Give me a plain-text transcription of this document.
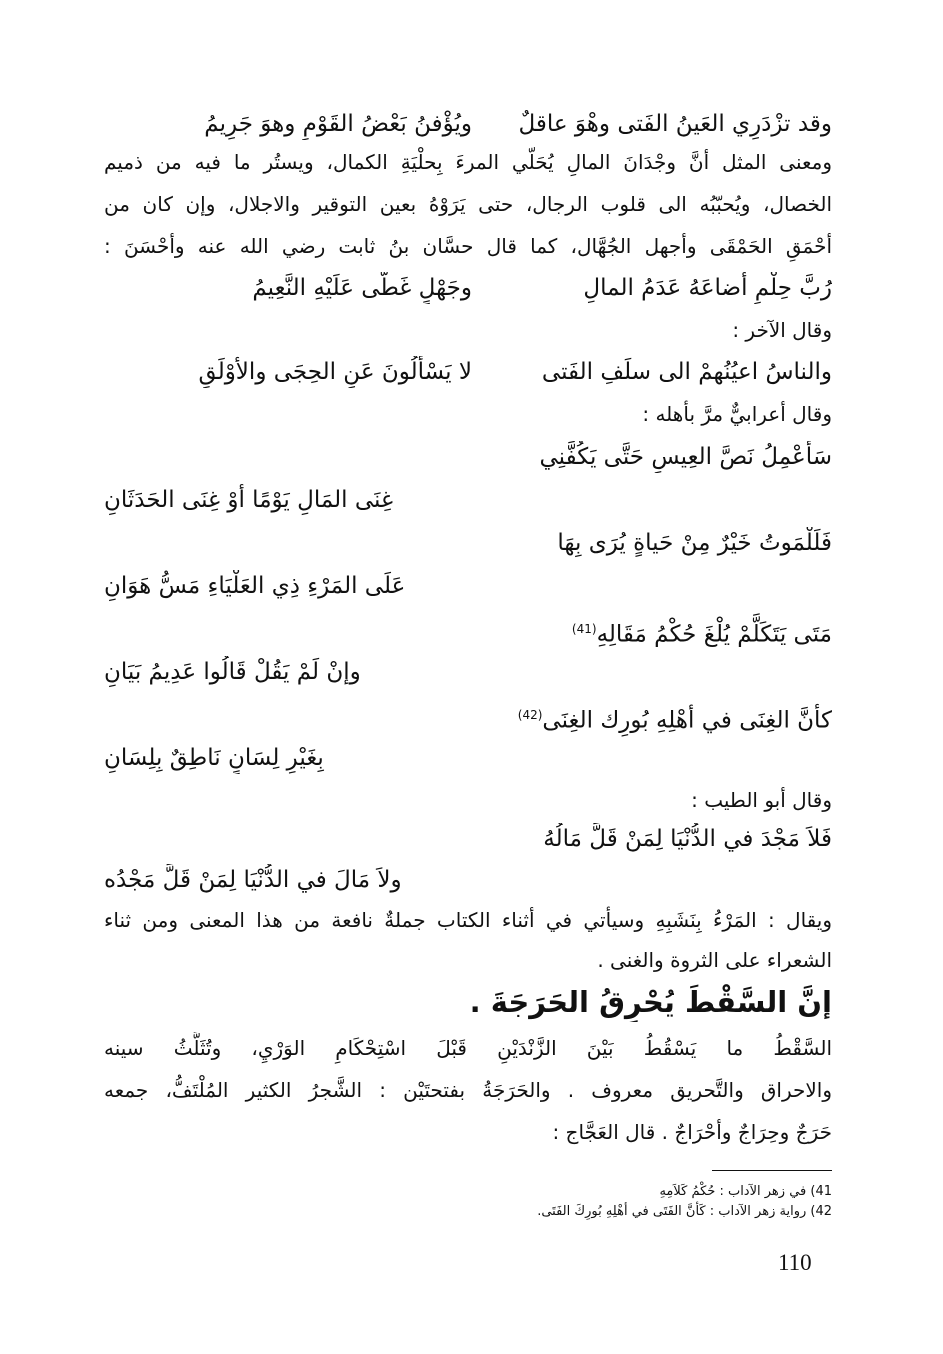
وقد تزْدَرِي العَينُ الفَتى وهْوَ عاقلٌويُؤْفنُ بَعْضُ القَوْمِ وهوَ جَرِيمُ
ومعنى المثل أنَّ وجْدَانَ المالِ يُحَلّي المرءَ بِحلْيَةِ الكمال، ويستُر ما فيه من ذميم
الخصال، ويُحبّبُه الى قلوب الرجال، حتى يَرَوْهُ بعين التوقير والاجلال، وإن كان من
أحْمَقِ الحَمْقَى وأجهل الجُهَّال، كما قال حسَّان بنُ ثابت رضي الله عنه وأحْسَنَ :
رُبَّ حِلْمٍ أضاعَهُ عَدَمُ المالِوجَهْلٍ غَطّى عَلَيْهِ النَّعِيمُ
وقال الآخر :
والناسُ اعيُنُهمْ الى سلَفِ الفَتىلا يَسْألُونَ عَنِ الحِجَى والأوْلَقِ
وقال أعرابيٌّ مرَّ بأهله :
سَأعْمِلُ نَصَّ العِيسِ حَتَّى يَكُفَّنِي
غِنَى المَالِ يَوْمًا أوْ غِنَى الحَدَثَانِ
فَلَلْمَوتُ خَيْرٌ مِنْ حَياةٍ يُرَى بِهَا
عَلَى المَرْءِ ذِي العَلْيَاءِ مَسُّ هَوَانِ
مَتَى يَتَكَلَّمْ يُلْغَ حُكْمُ مَقَالِهِ$^{(41)}$
وإنْ لَمْ يَقُلْ قَالُوا عَدِيمُ بَيَانِ
كأنَّ الغِنَى في أهْلِهِ بُورِك الغِنَى$^{(42)}$
بِغَيْرِ لِسَانٍ نَاطِقٌ بِلِسَانِ
وقال أبو الطيب :
فَلاَ مَجْدَ في الدُّنْيَا لِمَنْ قَلَّ مَالُهُ
ولاَ مَالَ في الدُّنْيَا لِمَنْ قَلَّ مَجْدُه
ويقال : المَرْءُ بِنَشَبِهِ وسيأتي في أثناء الكتاب جملةٌ نافعة من هذا المعنى ومن ثناء
الشعراء على الثروة والغنى .
إنَّ السَّقْطَ يُحْرِقُ الحَرَجَةَ .
السَّقْطُ ما يَسْقُطُ بَيْنَ الزَّنْدَيْنِ قَبْلَ اسْتِحْكَامِ الوَرْيِ، وتُثَلَّثُ سينه
والاحراق والتَّحريق معروف . والحَرَجَةُ بفتحتَيْن : الشَّجرُ الكثير المُلْتَفُّ، جمعه
حَرَجٌ وحِرَاجٌ وأحْرَاجٌ . قال العَجَّاج :
41) في زهر الآداب : حُكْمُ كَلاَمِهِ
42) رواية زهر الآداب : كَأنَّ الفَتَى في أهْلِهِ بُورِكَ الفَتَى.
110
